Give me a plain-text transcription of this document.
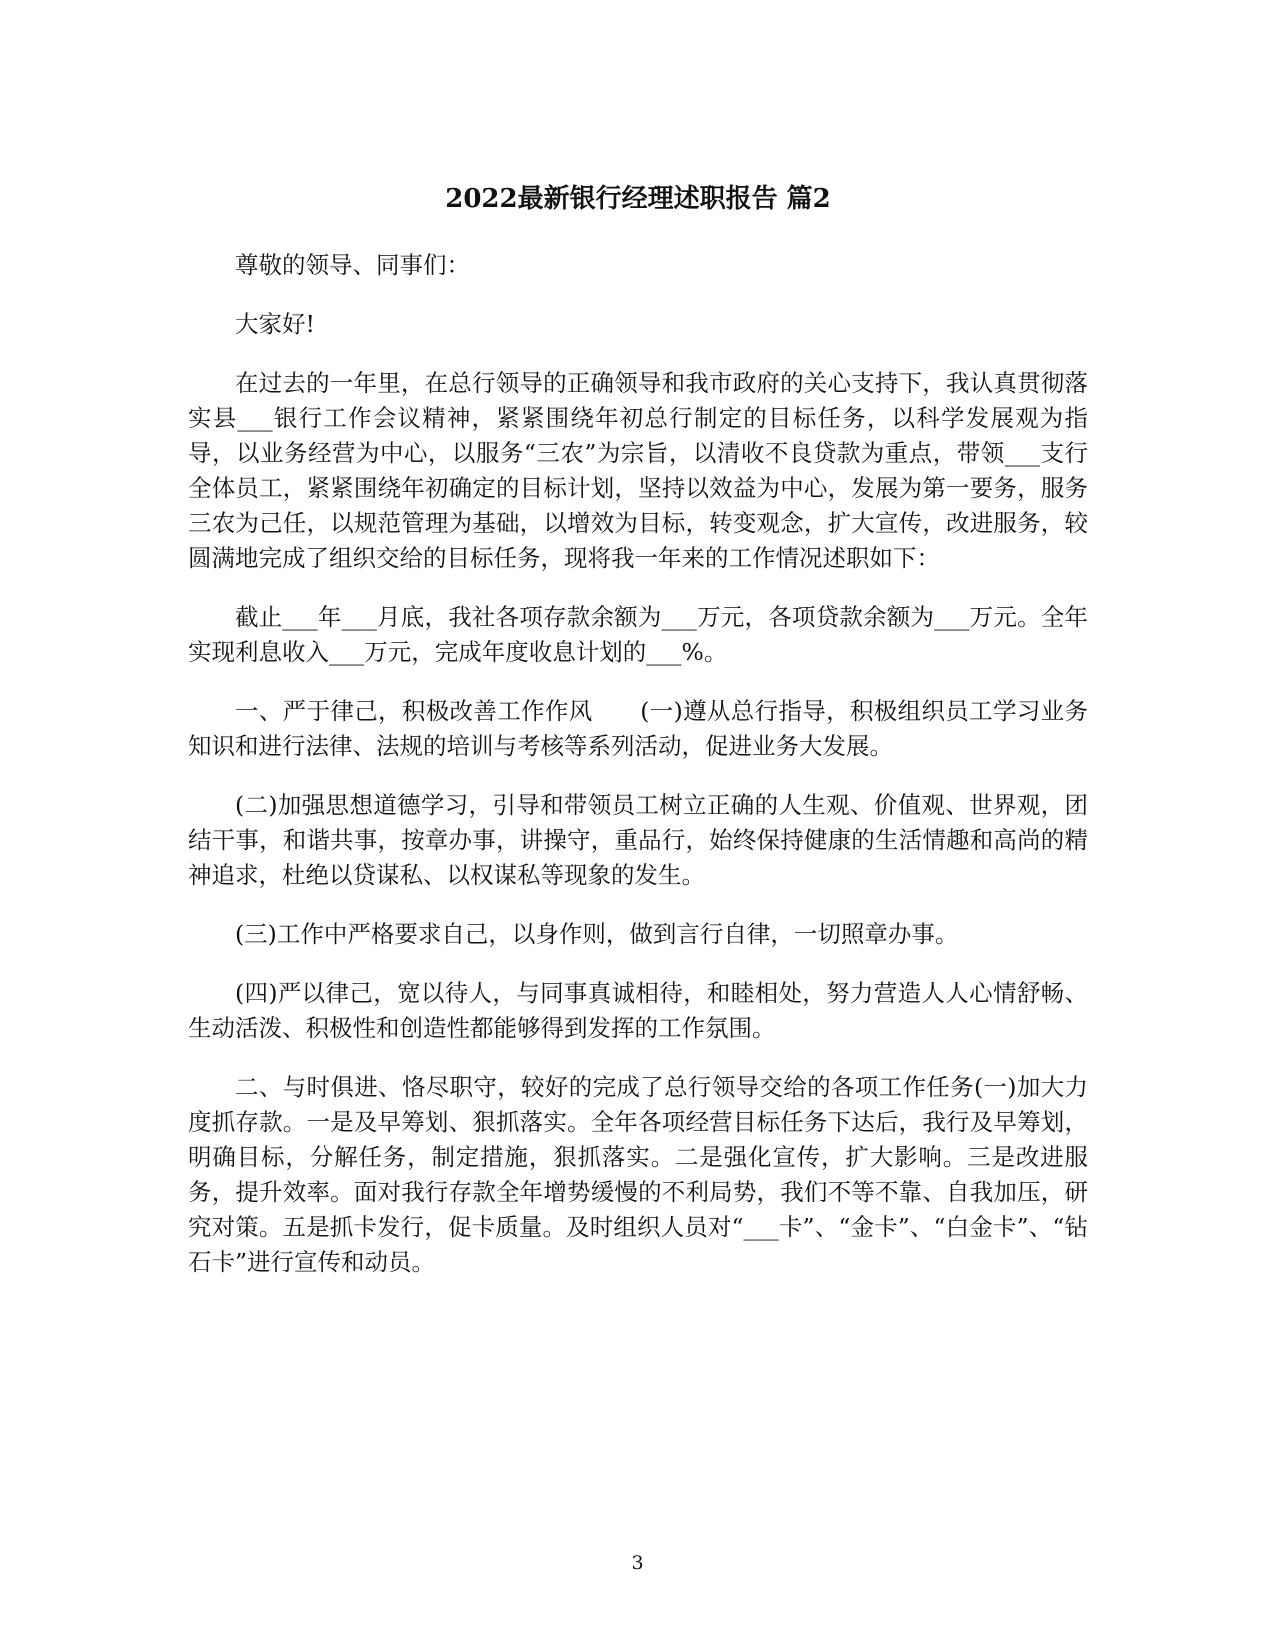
2022最新银行经理述职报告 篇2

尊敬的领导、同事们：

大家好!

在过去的一年里，在总行领导的正确领导和我市政府的关心支持下，我认真贯彻落实县___银行工作会议精神，紧紧围绕年初总行制定的目标任务，以科学发展观为指导，以业务经营为中心，以服务“三农”为宗旨，以清收不良贷款为重点，带领___支行全体员工，紧紧围绕年初确定的目标计划，坚持以效益为中心，发展为第一要务，服务三农为己任，以规范管理为基础，以增效为目标，转变观念，扩大宣传，改进服务，较圆满地完成了组织交给的目标任务，现将我一年来的工作情况述职如下：

截止___年___月底，我社各项存款余额为___万元，各项贷款余额为___万元。全年实现利息收入___万元，完成年度收息计划的___%。

一、严于律己，积极改善工作作风　　(一)遵从总行指导，积极组织员工学习业务知识和进行法律、法规的培训与考核等系列活动，促进业务大发展。

(二)加强思想道德学习，引导和带领员工树立正确的人生观、价值观、世界观，团结干事，和谐共事，按章办事，讲操守，重品行，始终保持健康的生活情趣和高尚的精神追求，杜绝以贷谋私、以权谋私等现象的发生。

(三)工作中严格要求自己，以身作则，做到言行自律，一切照章办事。

(四)严以律己，宽以待人，与同事真诚相待，和睦相处，努力营造人人心情舒畅、生动活泼、积极性和创造性都能够得到发挥的工作氛围。

二、与时俱进、恪尽职守，较好的完成了总行领导交给的各项工作任务(一)加大力度抓存款。一是及早筹划、狠抓落实。全年各项经营目标任务下达后，我行及早筹划，明确目标，分解任务，制定措施，狠抓落实。二是强化宣传，扩大影响。三是改进服务，提升效率。面对我行存款全年增势缓慢的不利局势，我们不等不靠、自我加压，研究对策。五是抓卡发行，促卡质量。及时组织人员对“___卡”、“金卡”、“白金卡”、“钻石卡”进行宣传和动员。

3
